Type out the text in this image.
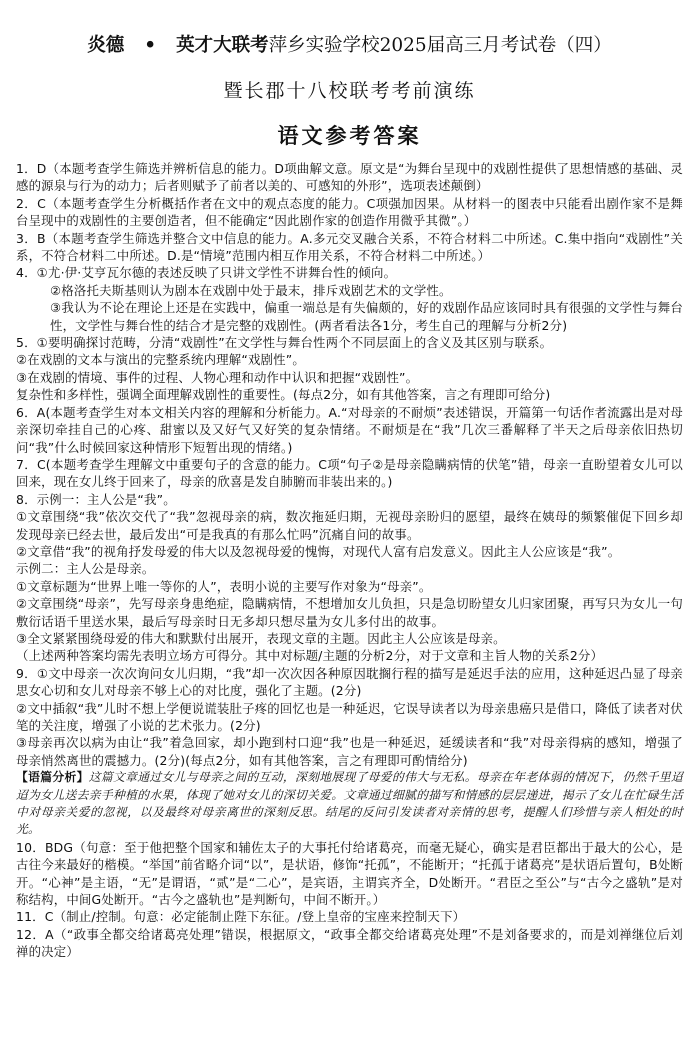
炎德 • 英才大联考萍乡实验学校2025届高三月考试卷（四）
暨长郡十八校联考考前演练
语文参考答案

1．D（本题考查学生筛选并辨析信息的能力。D项曲解文意。原文是“为舞台呈现中的戏剧性提供了思想情感的基础、灵感的源泉与行为的动力；后者则赋予了前者以美的、可感知的外形”，选项表述颠倒）

2．C（本题考查学生分析概括作者在文中的观点态度的能力。C项强加因果。从材料一的图表中只能看出剧作家不是舞台呈现中的戏剧性的主要创造者，但不能确定“因此剧作家的创造作用微乎其微”。）

3．B（本题考查学生筛选并整合文中信息的能力。A.多元交叉融合关系，不符合材料二中所述。C.集中指向“戏剧性”关系，不符合材料二中所述。D.是“情境”范围内相互作用关系，不符合材料二中所述。）

4．①尤·伊·艾亨瓦尔德的表述反映了只讲文学性不讲舞台性的倾向。

②格洛托夫斯基则认为剧本在戏剧中处于最末，排斥戏剧艺术的文学性。

③我认为不论在理论上还是在实践中，偏重一端总是有失偏颇的，好的戏剧作品应该同时具有很强的文学性与舞台性，文学性与舞台性的结合才是完整的戏剧性。(两者看法各1分，考生自己的理解与分析2分)

5．①要明确探讨范畴，分清“戏剧性”在文学性与舞台性两个不同层面上的含义及其区别与联系。

②在戏剧的文本与演出的完整系统内理解“戏剧性”。

③在戏剧的情境、事件的过程、人物心理和动作中认识和把握“戏剧性”。

复杂性和多样性，强调全面理解戏剧性的重要性。(每点2分，如有其他答案，言之有理即可给分)

6．A(本题考查学生对本文相关内容的理解和分析能力。A.“对母亲的不耐烦”表述错误，开篇第一句话作者流露出是对母亲深切牵挂自己的心疼、甜蜜以及又好气又好笑的复杂情绪。不耐烦是在“我”几次三番解释了半天之后母亲依旧热切问“我”什么时候回家这种情形下短暂出现的情绪。)

7．C(本题考查学生理解文中重要句子的含意的能力。C项“句子②是母亲隐瞒病情的伏笔”错，母亲一直盼望着女儿可以回来，现在女儿终于回来了，母亲的欣喜是发自肺腑而非装出来的。)

8．示例一：主人公是“我”。

①文章围绕“我”依次交代了“我”忽视母亲的病，数次拖延归期，无视母亲盼归的愿望，最终在姨母的频繁催促下回乡却发现母亲已经去世，最后发出“可是我真的有那么忙吗”沉痛自问的故事。

②文章借“我”的视角抒发母爱的伟大以及忽视母爱的愧悔，对现代人富有启发意义。因此主人公应该是“我”。

示例二：主人公是母亲。

①文章标题为“世界上唯一等你的人”，表明小说的主要写作对象为“母亲”。

②文章围绕“母亲”，先写母亲身患绝症，隐瞒病情，不想增加女儿负担，只是急切盼望女儿归家团聚，再写只为女儿一句敷衍话语千里送水果，最后写母亲时日无多却只想尽量为女儿多付出的故事。

③全文紧紧围绕母爱的伟大和默默付出展开，表现文章的主题。因此主人公应该是母亲。

（上述两种答案均需先表明立场方可得分。其中对标题/主题的分析2分，对于文章和主旨人物的关系2分）

9．①文中母亲一次次询问女儿归期，“我”却一次次因各种原因耽搁行程的描写是延迟手法的应用，这种延迟凸显了母亲思女心切和女儿对母亲不够上心的对比度，强化了主题。(2分)

②文中插叙“我”儿时不想上学便说谎装肚子疼的回忆也是一种延迟，它误导读者以为母亲患癌只是借口，降低了读者对伏笔的关注度，增强了小说的艺术张力。(2分)

③母亲再次以病为由让“我”着急回家，却小跑到村口迎“我”也是一种延迟，延缓读者和“我”对母亲得病的感知，增强了母亲悄然离世的震撼力。(2分)(每点2分，如有其他答案，言之有理即可酌情给分)

【语篇分析】这篇文章通过女儿与母亲之间的互动，深刻地展现了母爱的伟大与无私。母亲在年老体弱的情况下，仍然千里迢迢为女儿送去亲手种植的水果，体现了她对女儿的深切关爱。文章通过细腻的描写和情感的层层递进，揭示了女儿在忙碌生活中对母亲关爱的忽视，以及最终对母亲离世的深刻反思。结尾的反问引发读者对亲情的思考，提醒人们珍惜与亲人相处的时光。

10．BDG（句意：至于他把整个国家和辅佐太子的大事托付给诸葛亮，而毫无疑心，确实是君臣都出于最大的公心，是古往今来最好的楷模。“举国”前省略介词“以”，是状语，修饰“托孤”，不能断开；“托孤于诸葛亮”是状语后置句，B处断开。“心神”是主语，“无”是谓语，“贰”是“二心”，是宾语，主谓宾齐全，D处断开。“君臣之至公”与“古今之盛轨”是对称结构，中间G处断开。“古今之盛轨也”是判断句，中间不断开。）

11．C（制止/控制。句意：必定能制止陛下东征。/登上皇帝的宝座来控制天下）

12．A（“政事全都交给诸葛亮处理”错误，根据原文，“政事全都交给诸葛亮处理”不是刘备要求的，而是刘禅继位后刘禅的决定）
